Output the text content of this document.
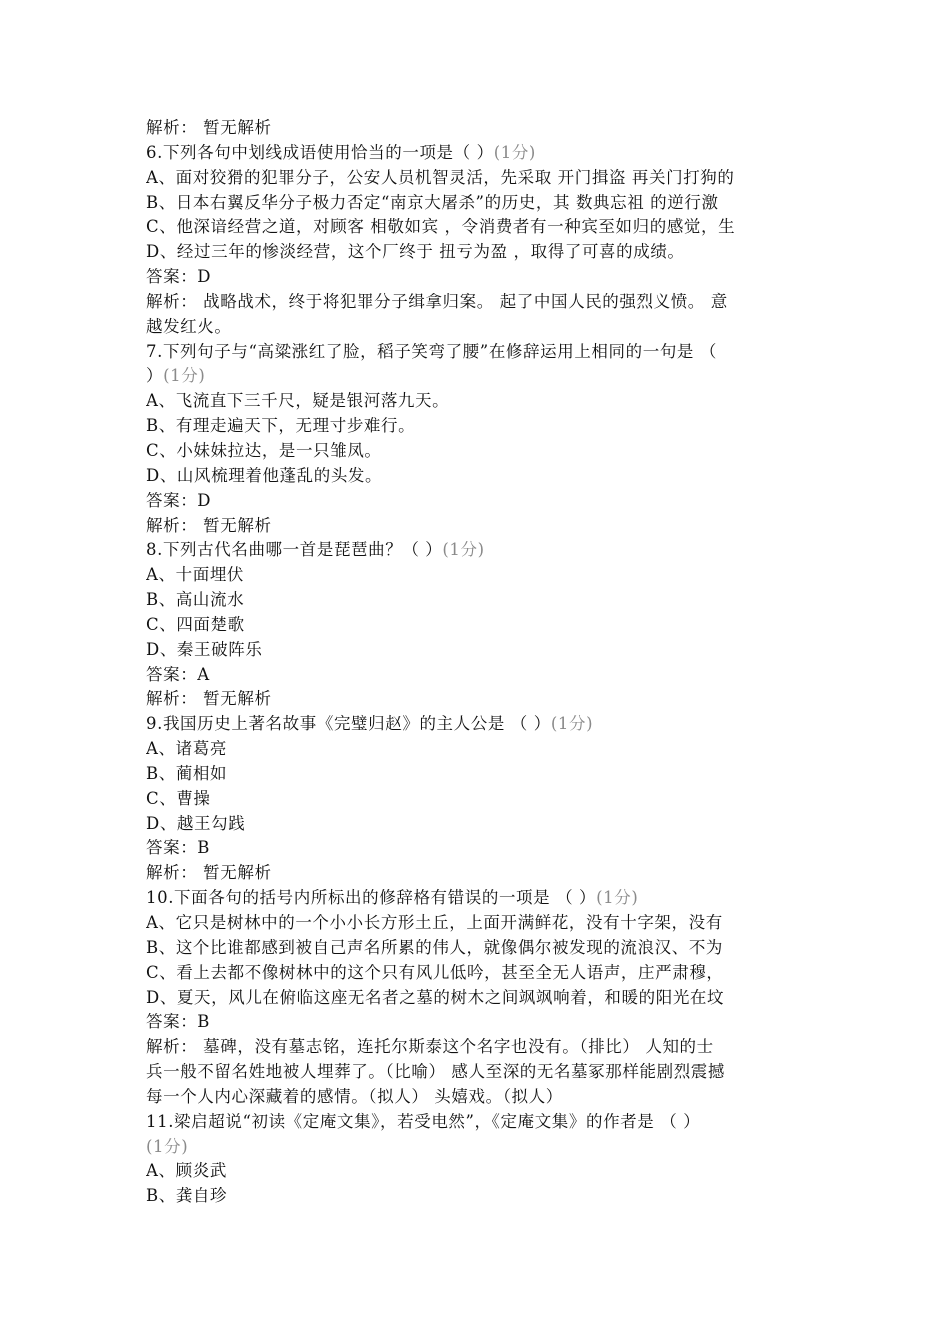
解析： 暂无解析
6.下列各句中划线成语使用恰当的一项是（ ）(1分)
A、面对狡猾的犯罪分子，公安人员机智灵活，先采取 开门揖盗 再关门打狗的
B、日本右翼反华分子极力否定“南京大屠杀”的历史，其 数典忘祖 的逆行激
C、他深谙经营之道，对顾客 相敬如宾 ，令消费者有一种宾至如归的感觉，生
D、经过三年的惨淡经营，这个厂终于 扭亏为盈 ，取得了可喜的成绩。
答案：D
解析： 战略战术，终于将犯罪分子缉拿归案。 起了中国人民的强烈义愤。 意
越发红火。
7.下列句子与“高粱涨红了脸，稻子笑弯了腰”在修辞运用上相同的一句是 （
）(1分)
A、飞流直下三千尺，疑是银河落九天。
B、有理走遍天下，无理寸步难行。
C、小妹妹拉达，是一只雏凤。
D、山风梳理着他蓬乱的头发。
答案：D
解析： 暂无解析
8.下列古代名曲哪一首是琵琶曲？（ ）(1分)
A、十面埋伏
B、高山流水
C、四面楚歌
D、秦王破阵乐
答案：A
解析： 暂无解析
9.我国历史上著名故事《完璧归赵》的主人公是 （ ）(1分)
A、诸葛亮
B、蔺相如
C、曹操
D、越王勾践
答案：B
解析： 暂无解析
10.下面各句的括号内所标出的修辞格有错误的一项是 （ ）(1分)
A、它只是树林中的一个小小长方形土丘，上面开满鲜花，没有十字架，没有
B、这个比谁都感到被自己声名所累的伟人，就像偶尔被发现的流浪汉、不为
C、看上去都不像树林中的这个只有风儿低吟，甚至全无人语声，庄严肃穆，
D、夏天，风儿在俯临这座无名者之墓的树木之间飒飒响着，和暖的阳光在坟
答案：B
解析： 墓碑，没有墓志铭，连托尔斯泰这个名字也没有。（排比） 人知的士
兵一般不留名姓地被人埋葬了。（比喻） 感人至深的无名墓冢那样能剧烈震撼
每一个人内心深藏着的感情。（拟人） 头嬉戏。（拟人）
11.梁启超说“初读《定庵文集》，若受电然”，《定庵文集》的作者是 （ ）
(1分)
A、顾炎武
B、龚自珍
